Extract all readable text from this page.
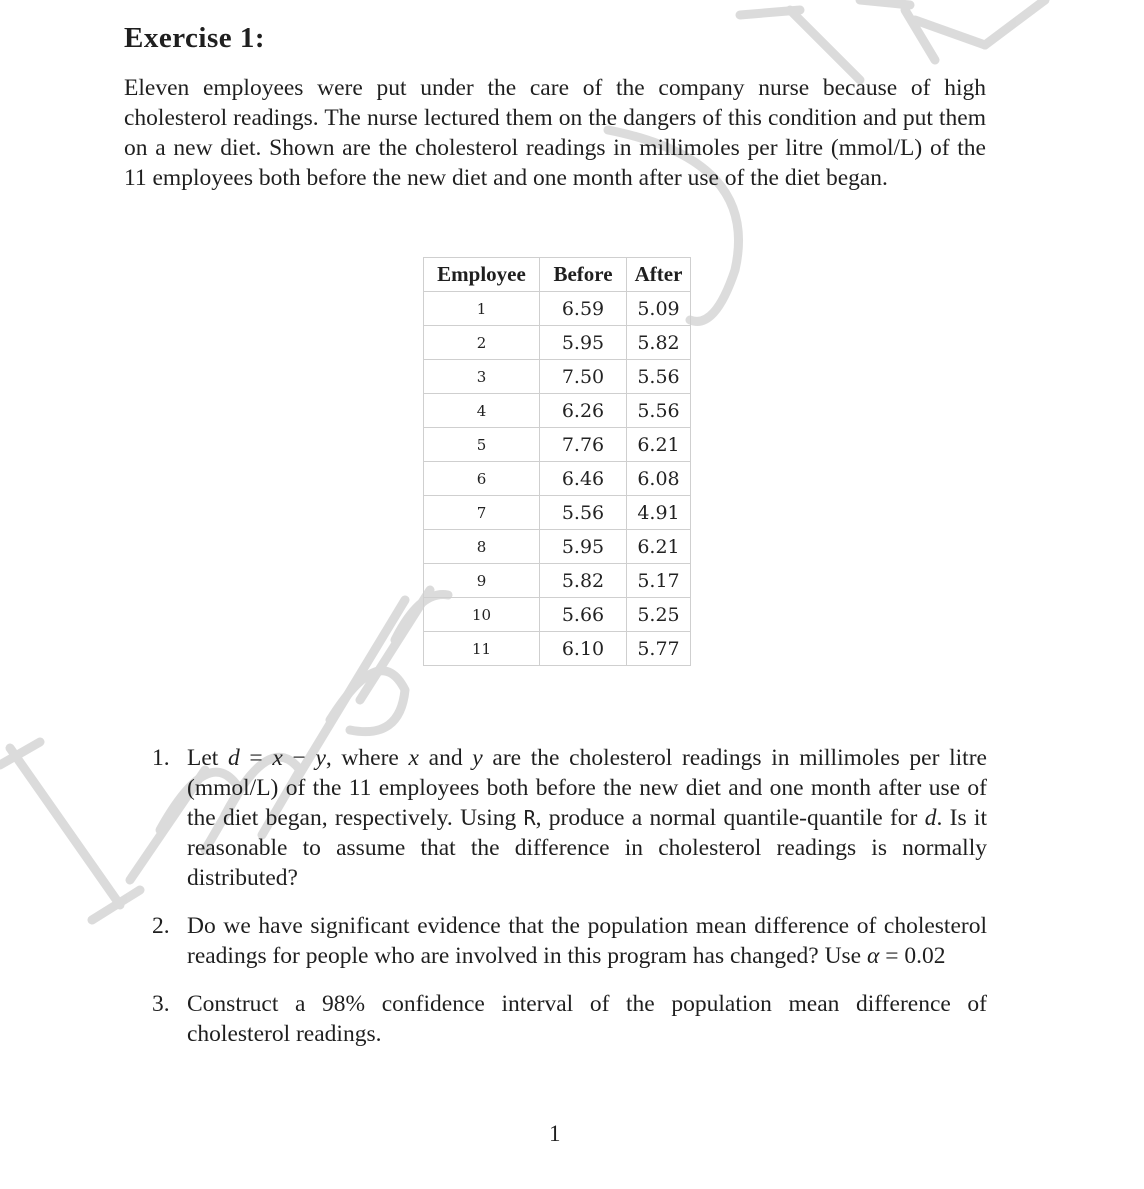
Exercise 1:

Eleven employees were put under the care of the company nurse because of high cholesterol readings. The nurse lectured them on the dangers of this condition and put them on a new diet. Shown are the cholesterol readings in millimoles per litre (mmol/L) of the 11 employees both before the new diet and one month after use of the diet began.

Employee	Before	After
1	6.59	5.09
2	5.95	5.82
3	7.50	5.56
4	6.26	5.56
5	7.76	6.21
6	6.46	6.08
7	5.56	4.91
8	5.95	6.21
9	5.82	5.17
10	5.66	5.25
11	6.10	5.77
1. Let d = x − y, where x and y are the cholesterol readings in millimoles per litre (mmol/L) of the 11 employees both before the new diet and one month after use of the diet began, respectively. Using R, produce a normal quantile-quantile for d. Is it reasonable to assume that the difference in cholesterol readings is normally distributed?
2. Do we have significant evidence that the population mean difference of cholesterol readings for people who are involved in this program has changed? Use α = 0.02
3. Construct a 98% confidence interval of the population mean difference of cholesterol readings.
1
